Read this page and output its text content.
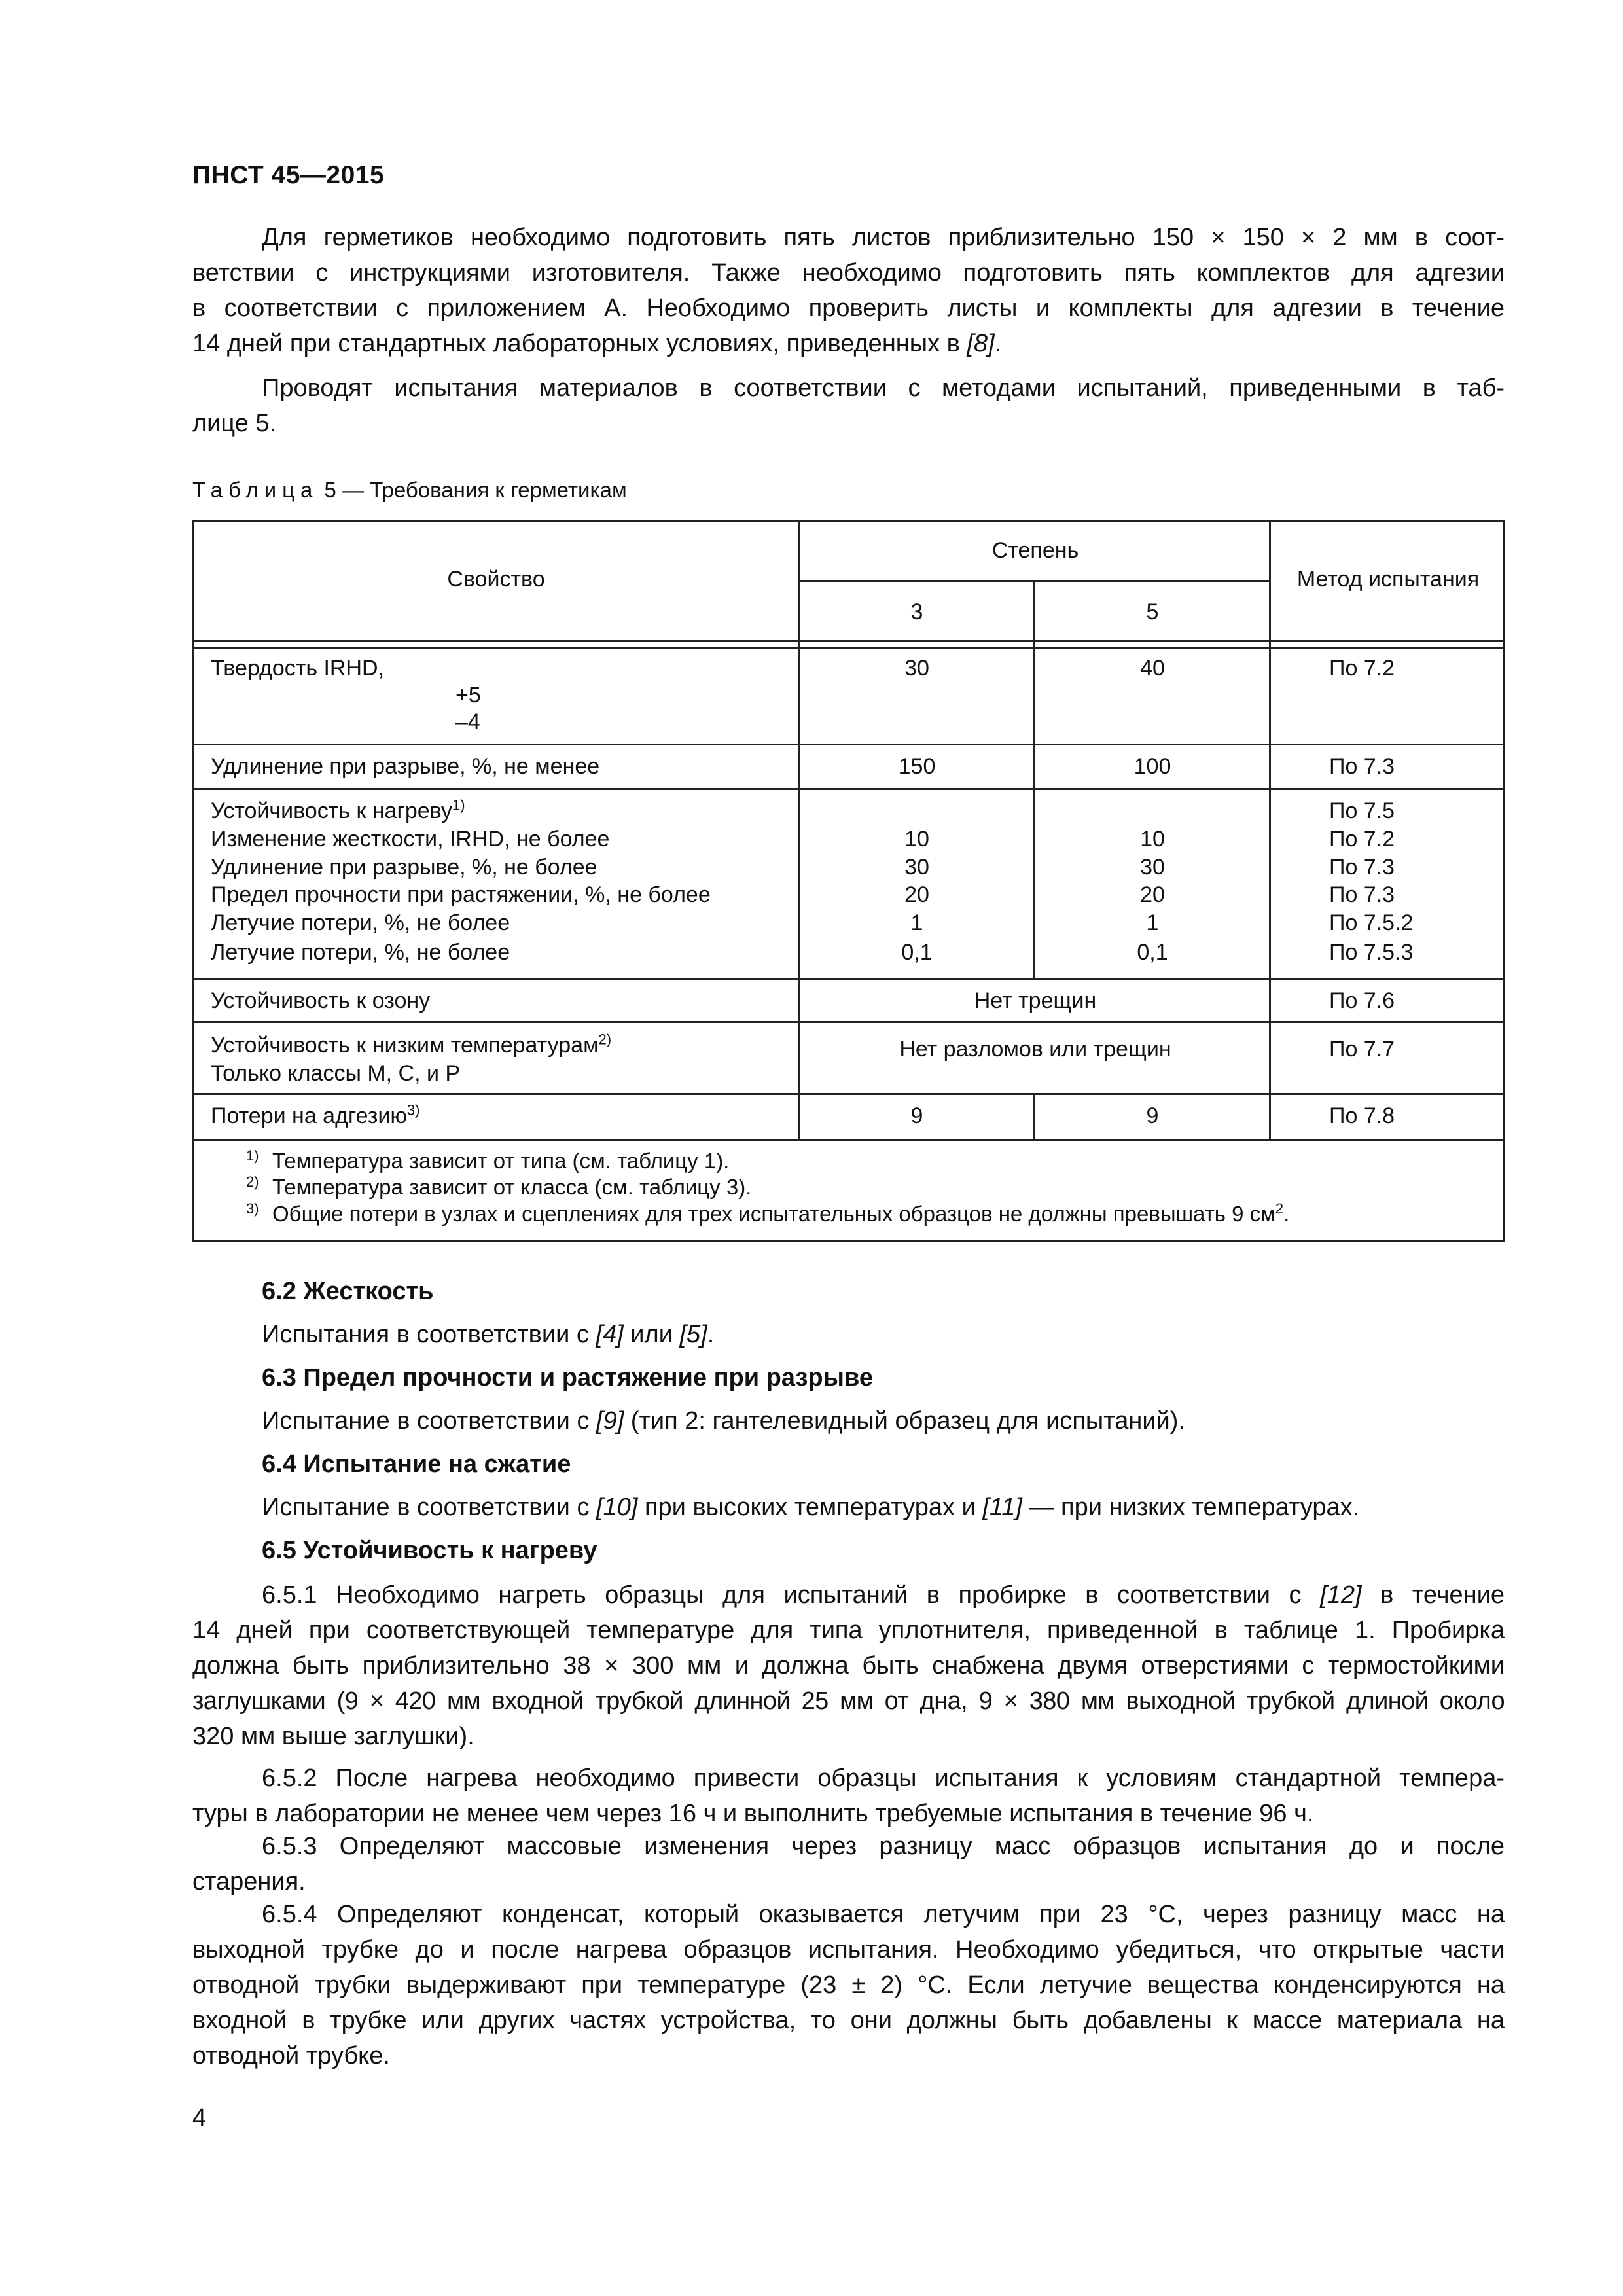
ПНСТ 45—2015
Для герметиков необходимо подготовить пять листов приблизительно 150 × 150 × 2 мм в соот-
ветствии с инструкциями изготовителя. Также необходимо подготовить пять комплектов для адгезии
в соответствии с приложением А. Необходимо проверить листы и комплекты для адгезии в течение
14 дней при стандартных лабораторных условиях, приведенных в [8].
Проводят испытания материалов в соответствии с методами испытаний, приведенными в таб-
лице 5.
Таблица 5 — Требования к герметикам
Свойство
Степень
3	5
Метод испытания
Твердость IRHD,
+5
–4
30	40	По 7.2
Удлинение при разрыве, %, не менее	150	100	По 7.3
Устойчивость к нагреву$^{1)}$	По 7.5
Изменение жесткости, IRHD, не более	10	10	По 7.2
Удлинение при разрыве, %, не более	30	30	По 7.3
Предел прочности при растяжении, %, не более	20	20	По 7.3
Летучие потери, %, не более	1	1	По 7.5.2
Летучие потери, %, не более	0,1	0,1	По 7.5.3
Устойчивость к озону	Нет трещин	По 7.6
Устойчивость к низким температурам$^{2)}$
Только классы М, С, и Р
Нет разломов или трещин	По 7.7
Потери на адгезию$^{3)}$	9	9	По 7.8
1) Температура зависит от типа (см. таблицу 1).
2) Температура зависит от класса (см. таблицу 3).
3) Общие потери в узлах и сцеплениях для трех испытательных образцов не должны превышать 9 $см^2$.
6.2 Жесткость
Испытания в соответствии с [4] или [5].
6.3 Предел прочности и растяжение при разрыве
Испытание в соответствии с [9] (тип 2: гантелевидный образец для испытаний).
6.4 Испытание на сжатие
Испытание в соответствии с [10] при высоких температурах и [11] — при низких температурах.
6.5 Устойчивость к нагреву
6.5.1 Необходимо нагреть образцы для испытаний в пробирке в соответствии с [12] в течение
14 дней при соответствующей температуре для типа уплотнителя, приведенной в таблице 1. Пробирка
должна быть приблизительно 38 × 300 мм и должна быть снабжена двумя отверстиями с термостойкими
заглушками (9 × 420 мм входной трубкой длинной 25 мм от дна, 9 × 380 мм выходной трубкой длиной около
320 мм выше заглушки).
6.5.2 После нагрева необходимо привести образцы испытания к условиям стандартной темпера-
туры в лаборатории не менее чем через 16 ч и выполнить требуемые испытания в течение 96 ч.
6.5.3 Определяют массовые изменения через разницу масс образцов испытания до и после
старения.
6.5.4 Определяют конденсат, который оказывается летучим при 23 °С, через разницу масс на
выходной трубке до и после нагрева образцов испытания. Необходимо убедиться, что открытые части
отводной трубки выдерживают при температуре (23 ± 2) °С. Если летучие вещества конденсируются на
входной в трубке или других частях устройства, то они должны быть добавлены к массе материала на
отводной трубке.
4
